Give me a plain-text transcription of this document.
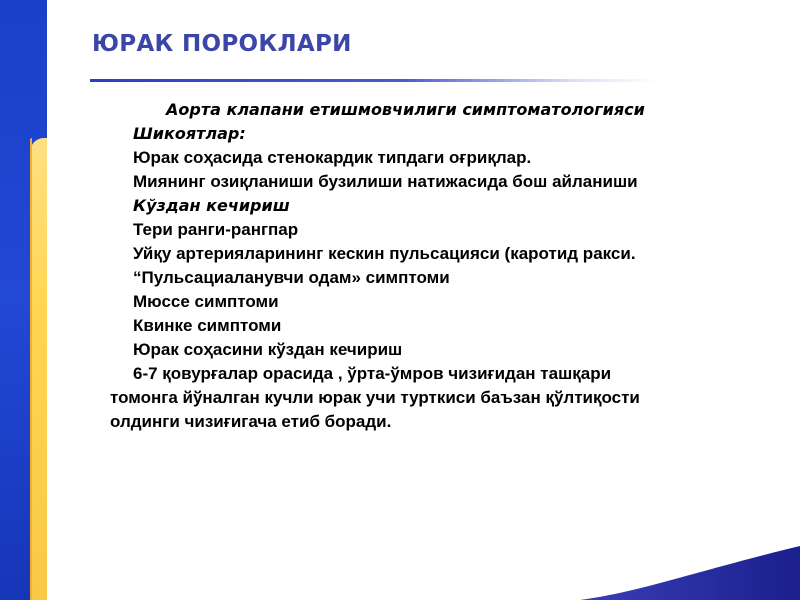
ЮРАК ПОРОКЛАРИ
Аорта клапани етишмовчилиги симптоматологияси
Шикоятлар:
Юрак соҳасида стенокардик типдаги оғриқлар.
Миянинг озиқланиши бузилиши натижасида бош айланиши
Кўздан кечириш
Тери ранги-рангпар
Уйқу артерияларининг кескин пульсацияси (каротид ракси.
“Пульсациаланувчи одам» симптоми
Мюссе симптоми
Квинке симптоми
Юрак соҳасини кўздан кечириш
6-7 қовурғалар орасида , ўрта-ўмров чизиғидан ташқари
томонга йўналган кучли юрак учи турткиси баъзан қўлтиқости
олдинги чизиғигача етиб боради.
